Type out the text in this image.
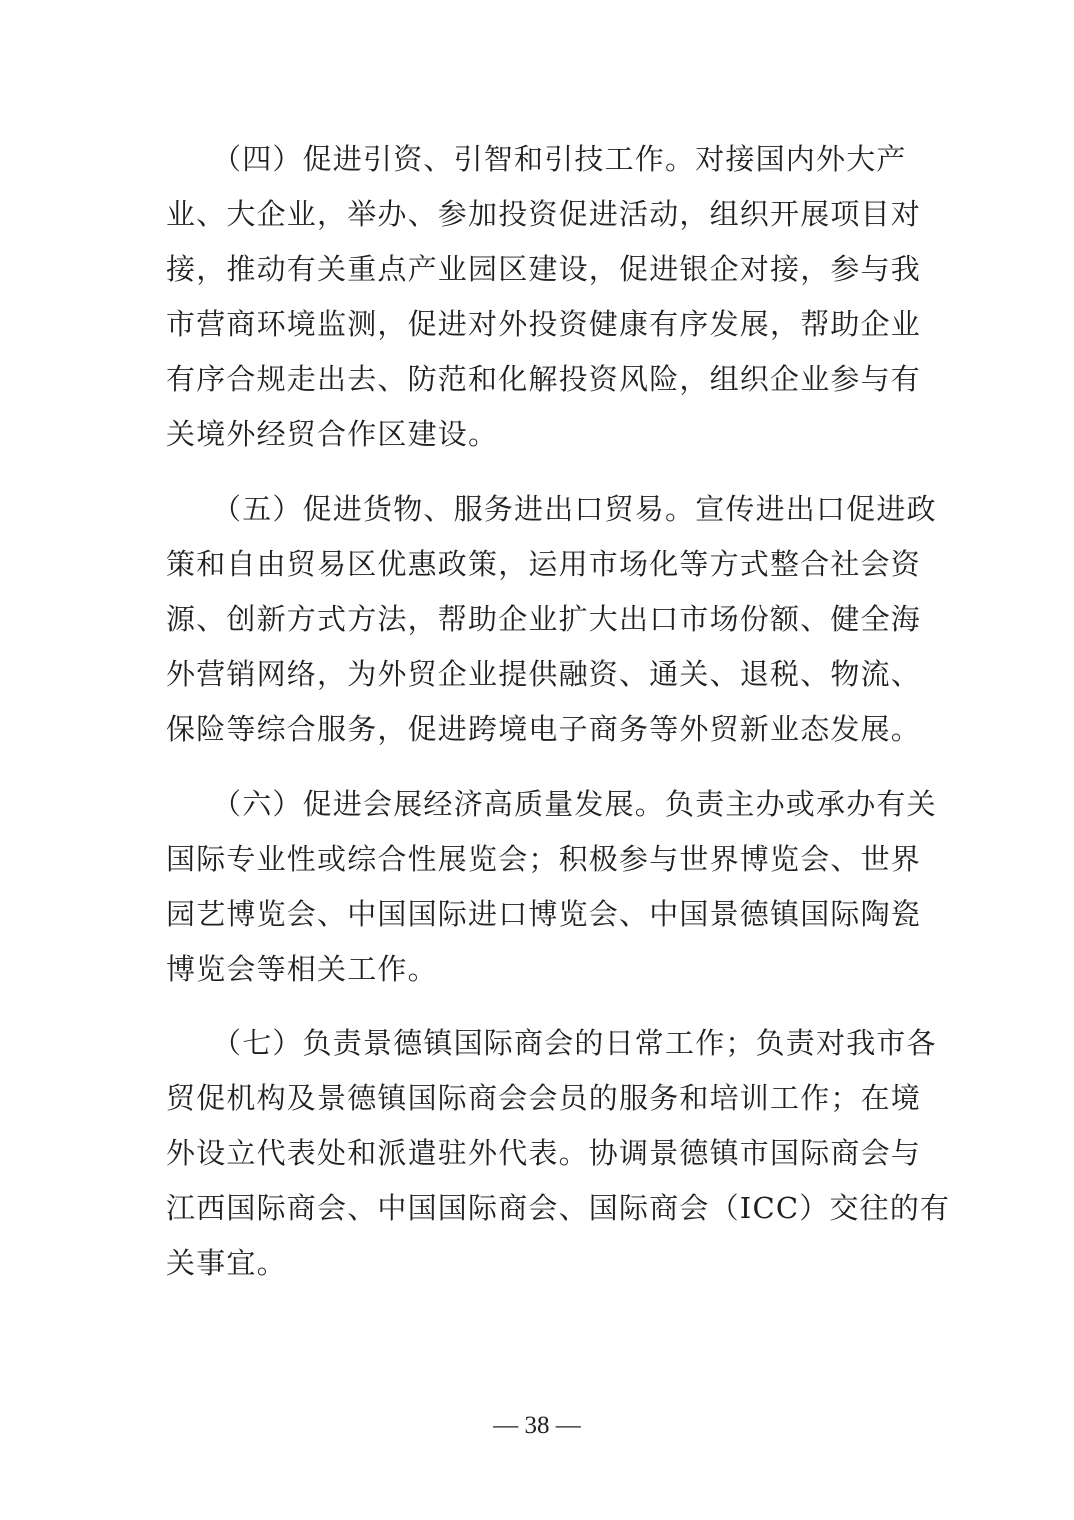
（四）促进引资、引智和引技工作。对接国内外大产
业、大企业，举办、参加投资促进活动，组织开展项目对
接，推动有关重点产业园区建设，促进银企对接，参与我
市营商环境监测，促进对外投资健康有序发展，帮助企业
有序合规走出去、防范和化解投资风险，组织企业参与有
关境外经贸合作区建设。
（五）促进货物、服务进出口贸易。宣传进出口促进政
策和自由贸易区优惠政策，运用市场化等方式整合社会资
源、创新方式方法，帮助企业扩大出口市场份额、健全海
外营销网络，为外贸企业提供融资、通关、退税、物流、
保险等综合服务，促进跨境电子商务等外贸新业态发展。
（六）促进会展经济高质量发展。负责主办或承办有关
国际专业性或综合性展览会；积极参与世界博览会、世界
园艺博览会、中国国际进口博览会、中国景德镇国际陶瓷
博览会等相关工作。
（七）负责景德镇国际商会的日常工作；负责对我市各
贸促机构及景德镇国际商会会员的服务和培训工作；在境
外设立代表处和派遣驻外代表。协调景德镇市国际商会与
江西国际商会、中国国际商会、国际商会（ICC）交往的有
关事宜。
— 38 —
